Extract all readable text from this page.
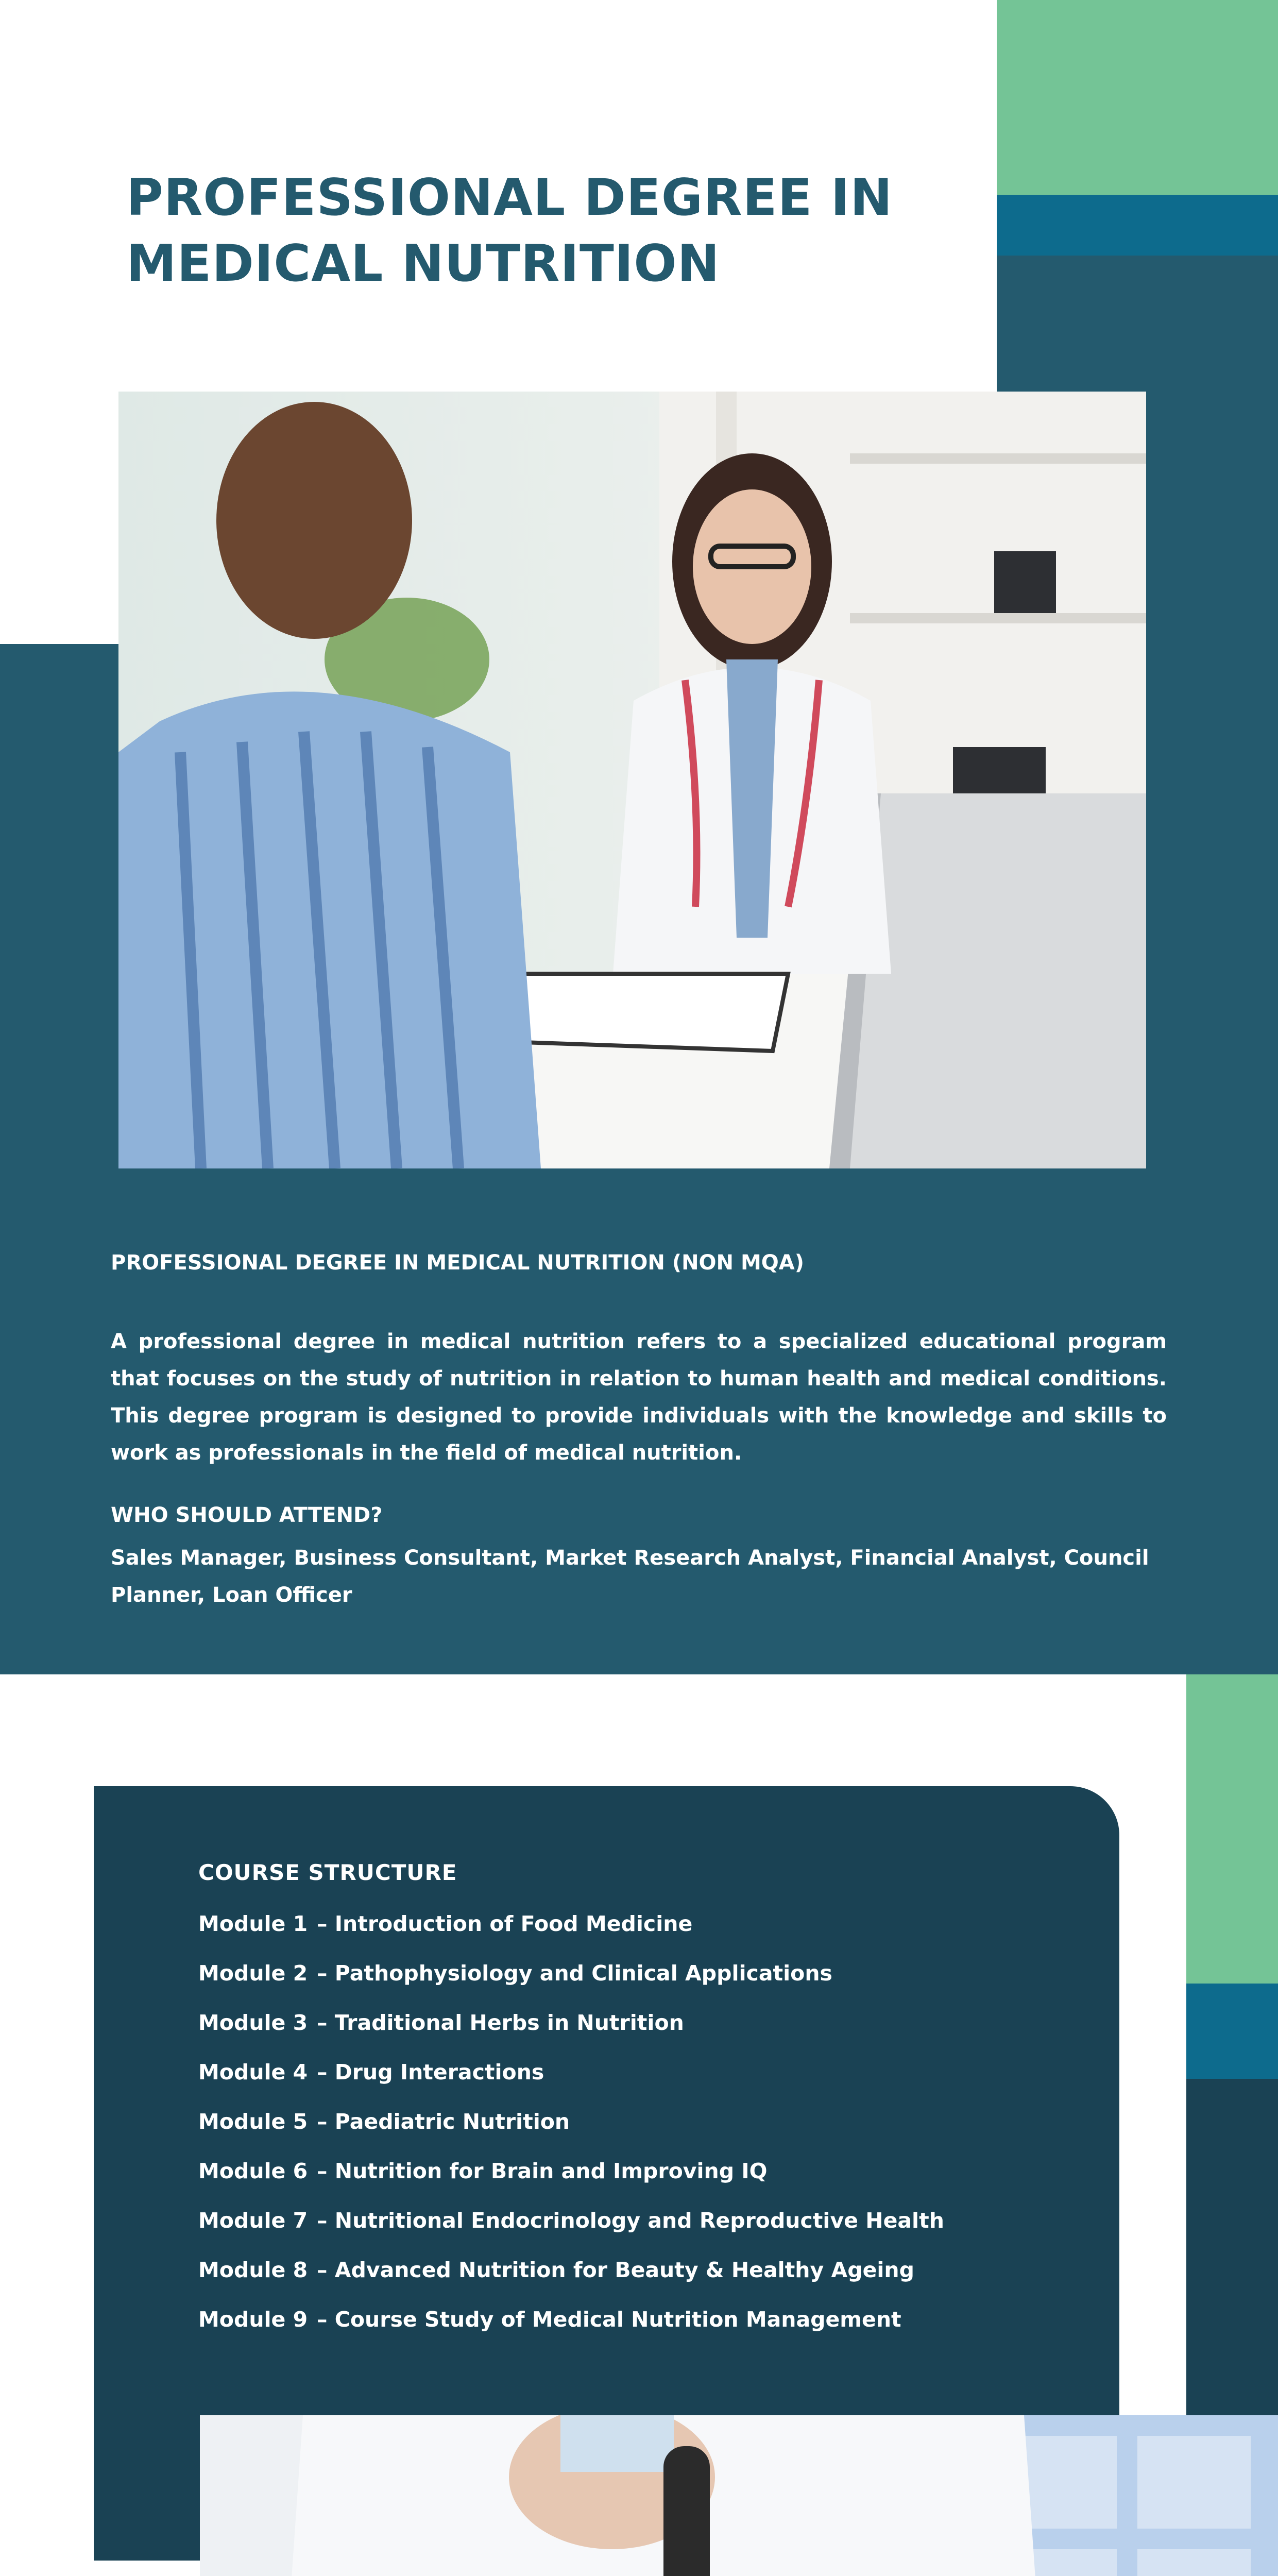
PROFESSIONAL DEGREE IN
MEDICAL NUTRITION
PROFESSIONAL DEGREE IN MEDICAL NUTRITION (NON MQA)
A professional degree in medical nutrition refers to a specialized educational program that focuses on the study of nutrition in relation to human health and medical conditions. This degree program is designed to provide individuals with the knowledge and skills to work as professionals in the field of medical nutrition.
WHO SHOULD ATTEND?
Sales Manager, Business Consultant, Market Research Analyst, Financial Analyst, Council Planner, Loan Officer
COURSE STRUCTURE
Module 1 – Introduction of Food Medicine
Module 2 – Pathophysiology and Clinical Applications
Module 3 – Traditional Herbs in Nutrition
Module 4 – Drug Interactions
Module 5 – Paediatric Nutrition
Module 6 – Nutrition for Brain and Improving IQ
Module 7 – Nutritional Endocrinology and Reproductive Health
Module 8 – Advanced Nutrition for Beauty & Healthy Ageing
Module 9 – Course Study of Medical Nutrition Management
